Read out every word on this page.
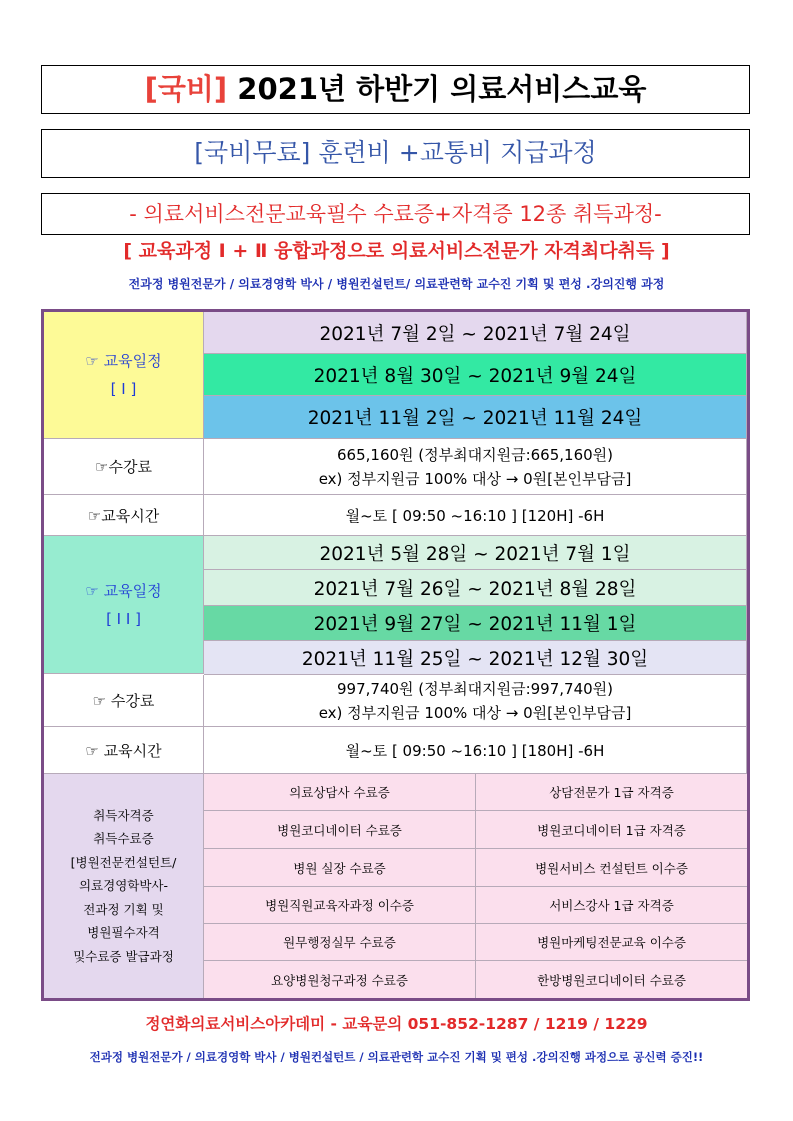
[국비] 2021년 하반기 의료서비스교육
[국비무료] 훈련비 +교통비 지급과정
- 의료서비스전문교육필수 수료증+자격증 12종 취득과정-
[ 교육과정 Ⅰ + Ⅱ 융합과정으로 의료서비스전문가 자격최다취득 ]
전과정 병원전문가 / 의료경영학 박사 / 병원컨설턴트/ 의료관련학 교수진 기획 및 편성 .강의진행 과정
☞ 교육일정
[ Ⅰ ]
2021년 7월 2일 ~ 2021년 7월 24일
2021년 8월 30일 ~ 2021년 9월 24일
2021년 11월 2일 ~ 2021년 11월 24일
☞수강료
665,160원 (정부최대지원금:665,160원)
ex) 정부지원금 100% 대상 → 0원[본인부담금]
☞교육시간	월~토 [ 09:50 ~16:10 ] [120H] -6H
☞ 교육일정
[ Ⅰ Ⅰ ]
2021년 5월 28일 ~ 2021년 7월 1일
2021년 7월 26일 ~ 2021년 8월 28일
2021년 9월 27일 ~ 2021년 11월 1일
2021년 11월 25일 ~ 2021년 12월 30일
☞ 수강료
997,740원 (정부최대지원금:997,740원)
ex) 정부지원금 100% 대상 → 0원[본인부담금]
☞ 교육시간	월~토 [ 09:50 ~16:10 ] [180H] -6H
취득자격증
취득수료증
[병원전문컨설턴트/
의료경영학박사-
전과정 기획 및
병원필수자격
및수료증 발급과정
의료상담사 수료증	상담전문가 1급 자격증
병원코디네이터 수료증	병원코디네이터 1급 자격증
병원 실장 수료증	병원서비스 컨설턴트 이수증
병원직원교육자과정 이수증	서비스강사 1급 자격증
원무행정실무 수료증	병원마케팅전문교육 이수증
요양병원청구과정 수료증	한방병원코디네이터 수료증
정연화의료서비스아카데미 - 교육문의 051-852-1287 / 1219 / 1229
전과정 병원전문가 / 의료경영학 박사 / 병원컨설턴트 / 의료관련학 교수진 기획 및 편성 .강의진행 과정으로 공신력 증진!!
